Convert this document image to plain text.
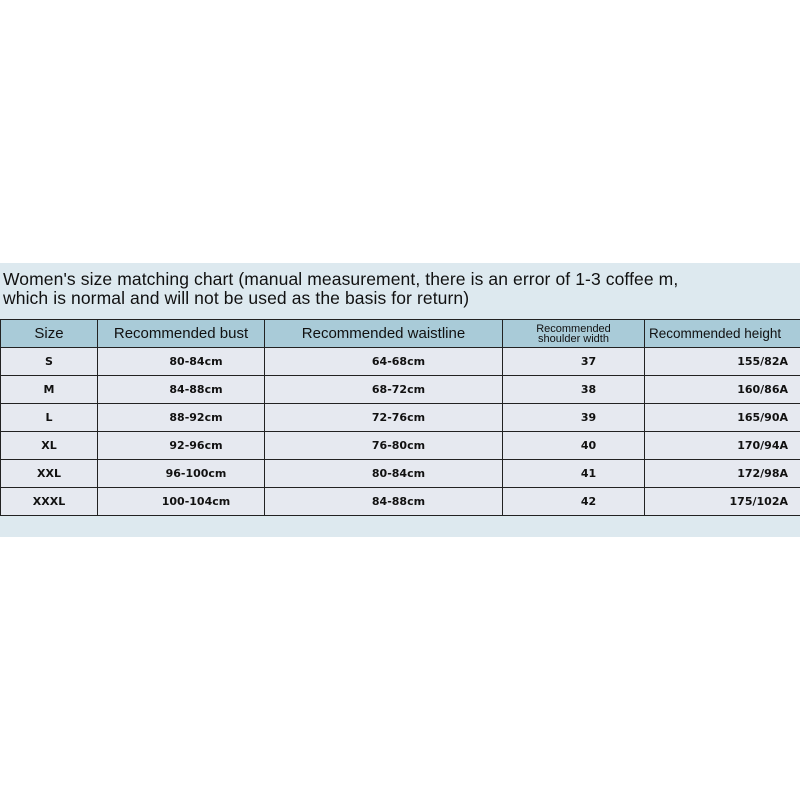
Women's size matching chart (manual measurement, there is an error of 1-3 coffee m,
which is normal and will not be used as the basis for return)
Size	Recommended bust	Recommended waistline	Recommended
shoulder width	Recommended height
S	80-84cm	64-68cm	37	155/82A
M	84-88cm	68-72cm	38	160/86A
L	88-92cm	72-76cm	39	165/90A
XL	92-96cm	76-80cm	40	170/94A
XXL	96-100cm	80-84cm	41	172/98A
XXXL	100-104cm	84-88cm	42	175/102A
